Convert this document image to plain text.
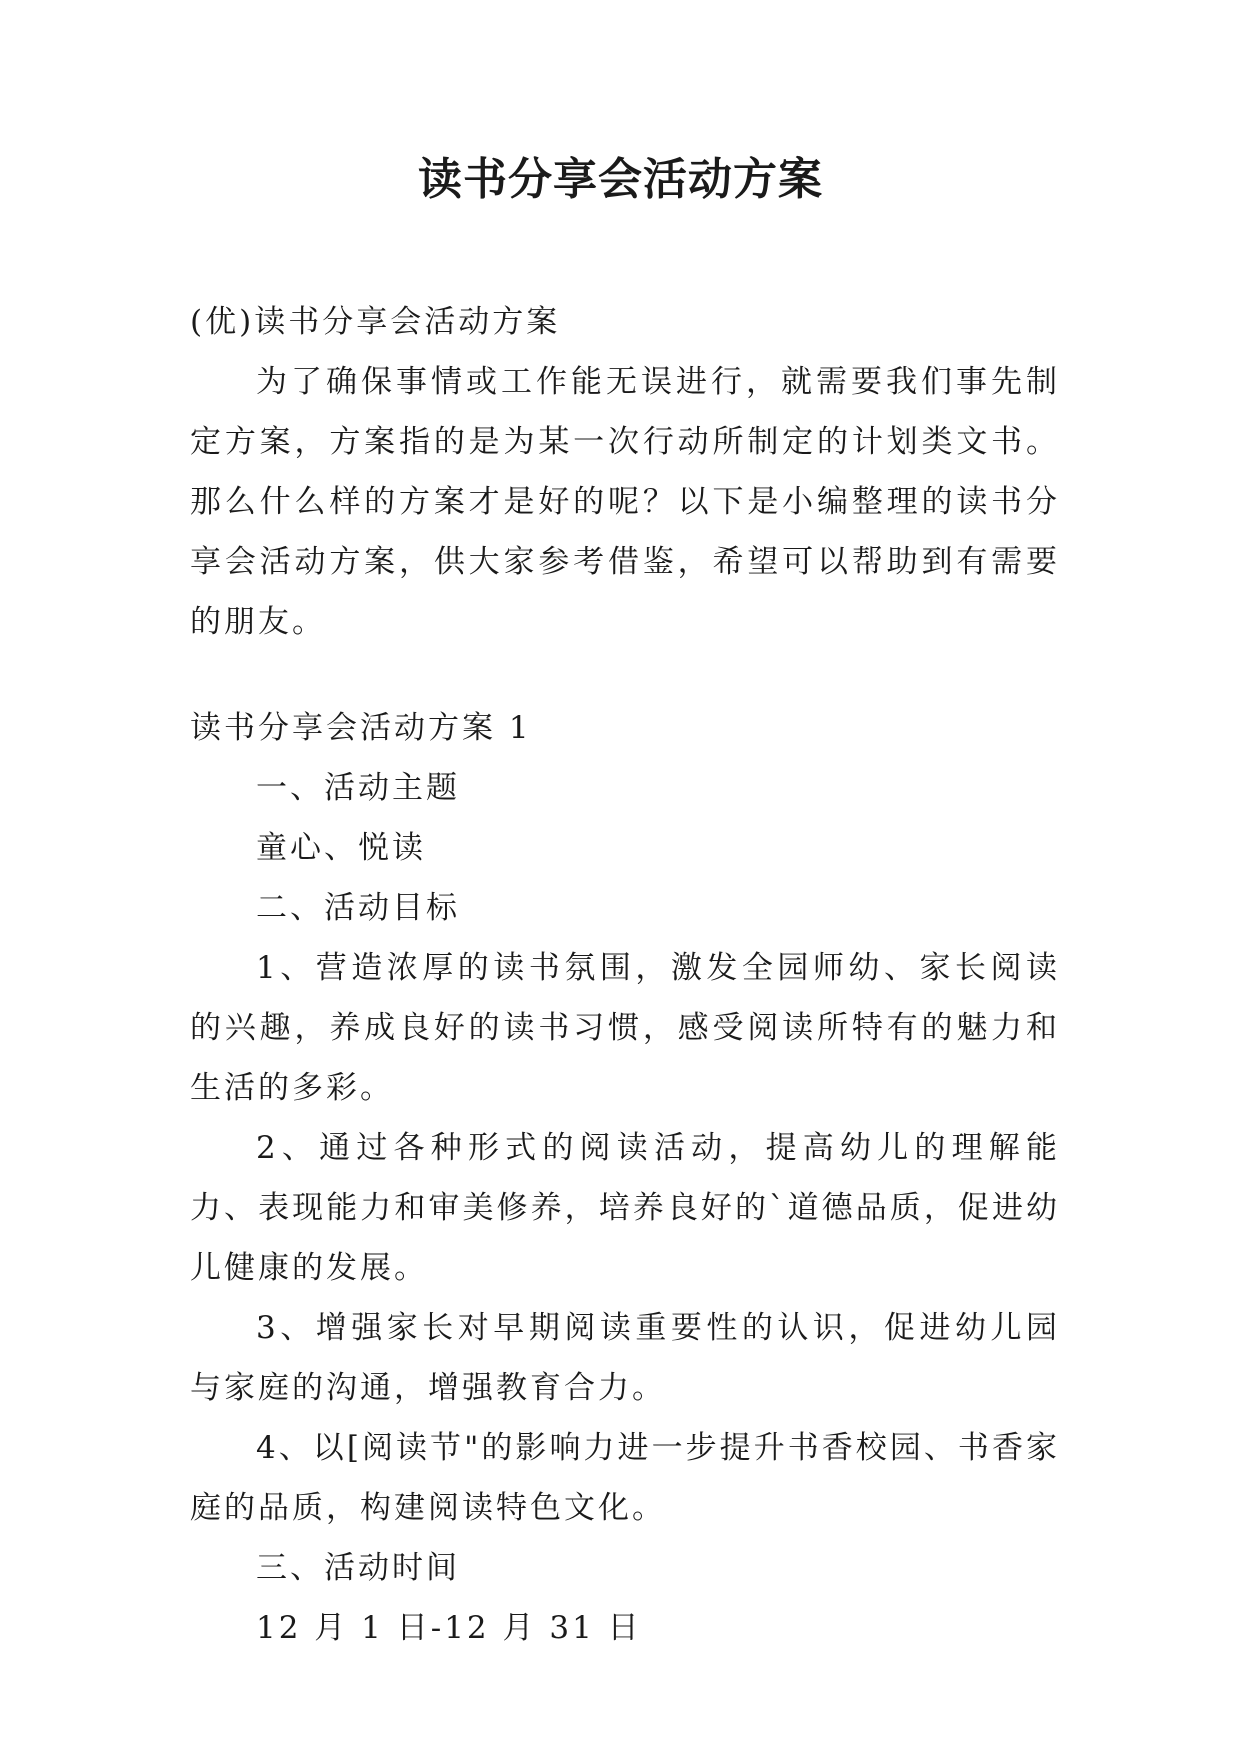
读书分享会活动方案

(优)读书分享会活动方案

为了确保事情或工作能无误进行，就需要我们事先制定方案，方案指的是为某一次行动所制定的计划类文书。那么什么样的方案才是好的呢？以下是小编整理的读书分享会活动方案，供大家参考借鉴，希望可以帮助到有需要的朋友。

读书分享会活动方案 1

一、活动主题

童心、悦读

二、活动目标

1、营造浓厚的读书氛围，激发全园师幼、家长阅读的兴趣，养成良好的读书习惯，感受阅读所特有的魅力和生活的多彩。

2、通过各种形式的阅读活动，提高幼儿的理解能力、表现能力和审美修养，培养良好的`道德品质，促进幼儿健康的发展。

3、增强家长对早期阅读重要性的认识，促进幼儿园与家庭的沟通，增强教育合力。

4、以[阅读节"的影响力进一步提升书香校园、书香家庭的品质，构建阅读特色文化。

三、活动时间

12 月 1 日-12 月 31 日
